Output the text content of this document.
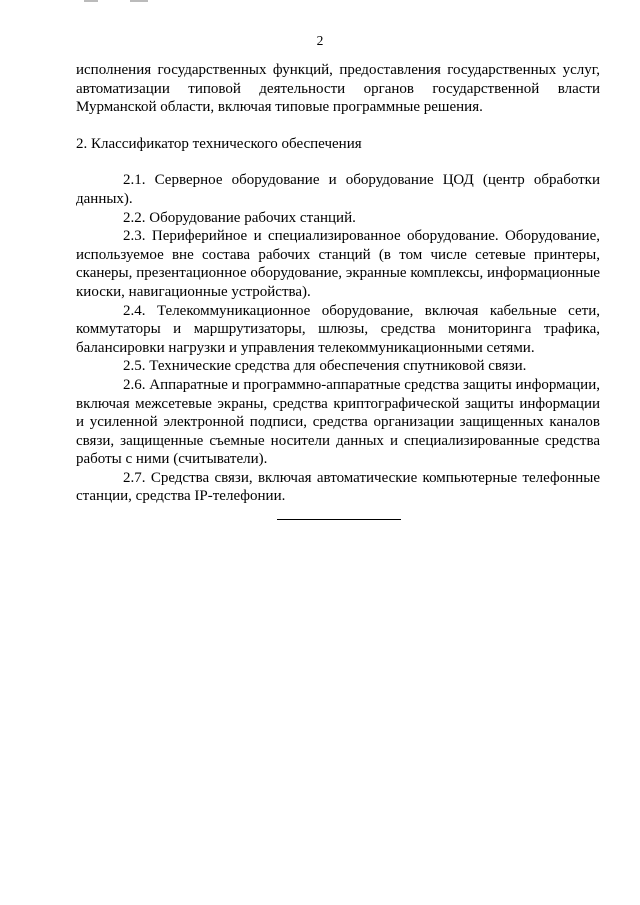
2

исполнения государственных функций, предоставления государственных услуг, автоматизации типовой деятельности органов государственной власти Мурманской области, включая типовые программные решения.

2. Классификатор технического обеспечения

2.1. Серверное оборудование и оборудование ЦОД (центр обработки данных).

2.2. Оборудование рабочих станций.

2.3. Периферийное и специализированное оборудование. Оборудование, используемое вне состава рабочих станций (в том числе сетевые принтеры, сканеры, презентационное оборудование, экранные комплексы, информационные киоски, навигационные устройства).

2.4. Телекоммуникационное оборудование, включая кабельные сети, коммутаторы и маршрутизаторы, шлюзы, средства мониторинга трафика, балансировки нагрузки и управления телекоммуникационными сетями.

2.5. Технические средства для обеспечения спутниковой связи.

2.6. Аппаратные и программно-аппаратные средства защиты информации, включая межсетевые экраны, средства криптографической защиты информации и усиленной электронной подписи, средства организации защищенных каналов связи, защищенные съемные носители данных и специализированные средства работы с ними (считыватели).

2.7. Средства связи, включая автоматические компьютерные телефонные станции, средства IP-телефонии.
